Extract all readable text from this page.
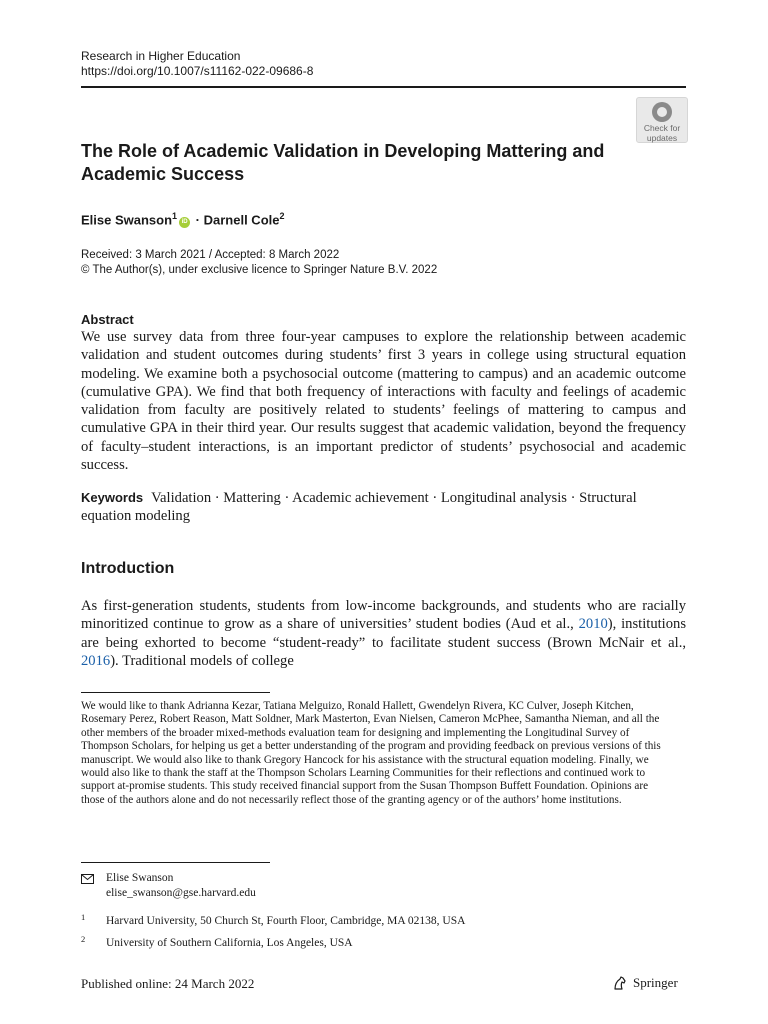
Research in Higher Education
https://doi.org/10.1007/s11162-022-09686-8
Check for
updates
The Role of Academic Validation in Developing Mattering and Academic Success
Elise Swanson$^1$iD · Darnell Cole$^2$
Received: 3 March 2021 / Accepted: 8 March 2022
© The Author(s), under exclusive licence to Springer Nature B.V. 2022
Abstract
We use survey data from three four-year campuses to explore the relationship between academic validation and student outcomes during students’ first 3 years in college using structural equation modeling. We examine both a psychosocial outcome (mattering to campus) and an academic outcome (cumulative GPA). We find that both frequency of interactions with faculty and feelings of academic validation from faculty are positively related to students’ feelings of mattering to campus and cumulative GPA in their third year. Our results suggest that academic validation, beyond the frequency of faculty–student interactions, is an important predictor of students’ psychosocial and academic success.
Keywords Validation · Mattering · Academic achievement · Longitudinal analysis · Structural equation modeling
Introduction
As first-generation students, students from low-income backgrounds, and students who are racially minoritized continue to grow as a share of universities’ student bodies (Aud et al., 2010), institutions are being exhorted to become “student-ready” to facilitate student success (Brown McNair et al., 2016). Traditional models of college
We would like to thank Adrianna Kezar, Tatiana Melguizo, Ronald Hallett, Gwendelyn Rivera, KC Culver, Joseph Kitchen, Rosemary Perez, Robert Reason, Matt Soldner, Mark Masterton, Evan Nielsen, Cameron McPhee, Samantha Nieman, and all the other members of the broader mixed-methods evaluation team for designing and implementing the Longitudinal Survey of Thompson Scholars, for helping us get a better understanding of the program and providing feedback on previous versions of this manuscript. We would also like to thank Gregory Hancock for his assistance with the structural equation modeling. Finally, we would also like to thank the staff at the Thompson Scholars Learning Communities for their reflections and continued work to support at-promise students. This study received financial support from the Susan Thompson Buffett Foundation. Opinions are those of the authors alone and do not necessarily reflect those of the granting agency or of the authors’ home institutions.
Elise Swanson
elise_swanson@gse.harvard.edu
1 Harvard University, 50 Church St, Fourth Floor, Cambridge, MA 02138, USA
2 University of Southern California, Los Angeles, USA
Published online: 24 March 2022	Springer
